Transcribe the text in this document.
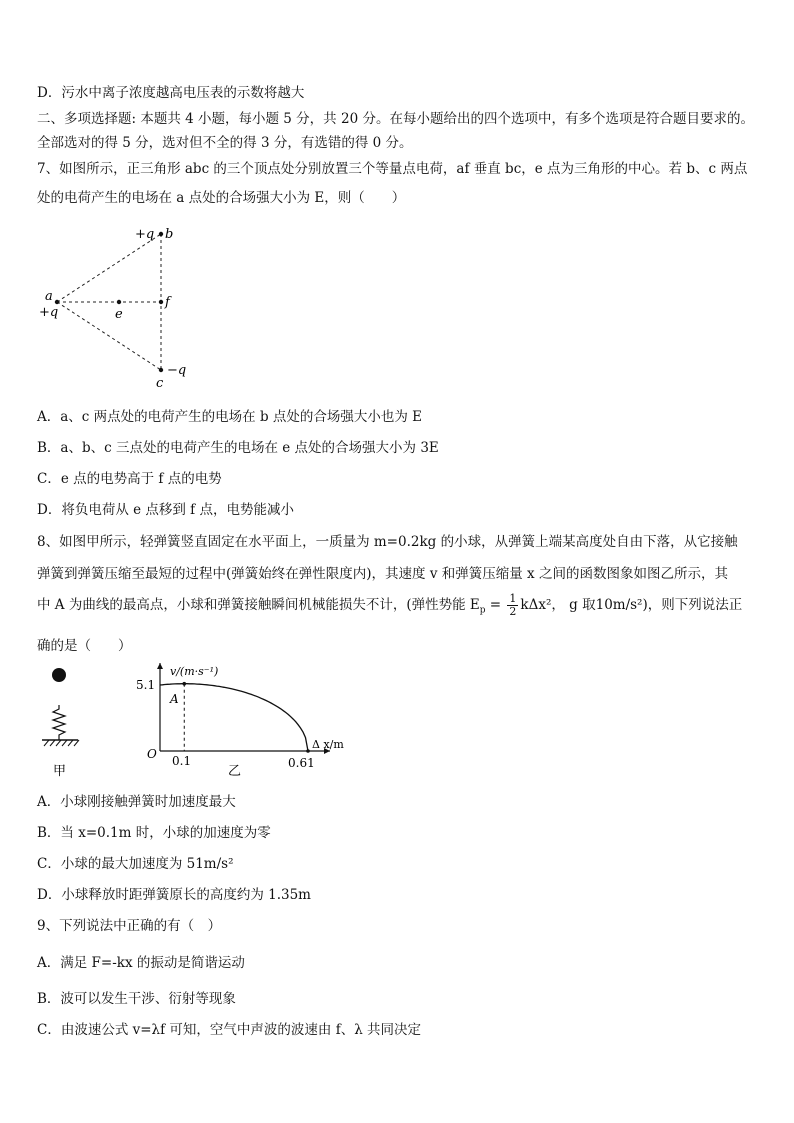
D．污水中离子浓度越高电压表的示数将越大
二、多项选择题: 本题共 4 小题，每小题 5 分，共 20 分。在每小题给出的四个选项中，有多个选项是符合题目要求的。
全部选对的得 5 分，选对但不全的得 3 分，有选错的得 0 分。
7、如图所示，正三角形 abc 的三个顶点处分别放置三个等量点电荷，af 垂直 bc，e 点为三角形的中心。若 b、c 两点
处的电荷产生的电场在 a 点处的合场强大小为 E，则（　　）
+q b
a
+q	e
f
−q
c
A．a、c 两点处的电荷产生的电场在 b 点处的合场强大小也为 E
B．a、b、c 三点处的电荷产生的电场在 e 点处的合场强大小为 3E
C．e 点的电势高于 f 点的电势
D．将负电荷从 e 点移到 f 点，电势能减小
8、如图甲所示，轻弹簧竖直固定在水平面上，一质量为 m=0.2kg 的小球，从弹簧上端某高度处自由下落，从它接触
弹簧到弹簧压缩至最短的过程中(弹簧始终在弹性限度内)，其速度 v 和弹簧压缩量 x 之间的函数图象如图乙所示，其
中 A 为曲线的最高点，小球和弹簧接触瞬间机械能损失不计，(弹性势能 $E_p = \frac{1}{2} k\Delta x^2$， g 取10m/s²)，则下列说法正
确的是（　　）
甲
v/(m·s⁻¹)
Δ x/m
5.1
A
O 0.1	0.61
乙
A．小球刚接触弹簧时加速度最大
B．当 x=0.1m 时，小球的加速度为零
C．小球的最大加速度为 51m/s²
D．小球释放时距弹簧原长的高度约为 1.35m
9、下列说法中正确的有（　）
A．满足 F=-kx 的振动是简谐运动
B．波可以发生干涉、衍射等现象
C．由波速公式 v=λf 可知，空气中声波的波速由 f、λ 共同决定
